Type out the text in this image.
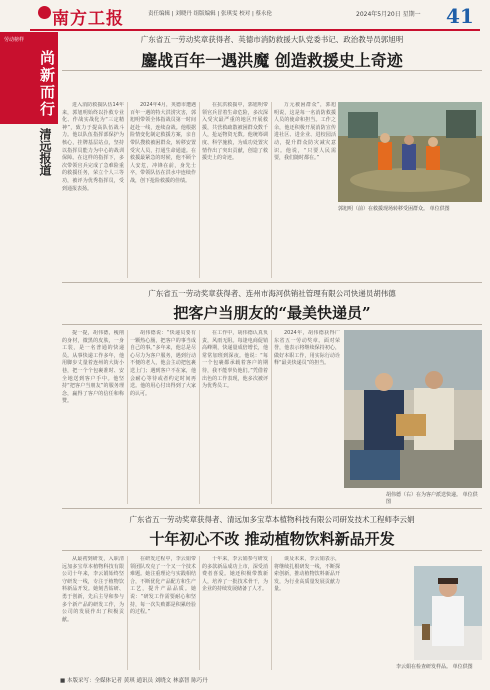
南方工报	责任编辑 | 刘晓丹 组版编辑 | 张琪雯 校对 | 蔡永伦	2024年5月20日 星期一 41
劳动榜样
尚新而行
清远报道
广东省五一劳动奖章获得者、英德市消防救援大队党委书记、政治教导员郭旭明
鏖战百年一遇洪魔 创造救援史上奇迹

进入消防救援队伍14年来，郭旭明始终以扑救专业化、作战实战化为“三定精神”，致力于提高队伍战斗力。他以队伍指挥部保护为核心，挂牌基层站点，坚持以指挥员能力为中心的战训保障。在这样的指挥下，多次带领官兵完成了急难险重的救援任务，荣立个人三等功，被评为优秀指挥员，受到通报表扬。

2024年4月，英德市遭遇百年一遇的特大洪涝灾害，郭旭明带领全体指战员第一时间赶赴一线，连续奋战。他根据险情变化制定救援方案，亲自带队搜救被困群众，转移安置受灾人员，打通生命通道。在救援最紧急的时候，他不顾个人安危，冲锋在前，身先士卒，带领队伍在洪水中连续作战，创下抢险救援的佳绩。

在抗洪救援中，郭旭明带领官兵冒着生命危险，多次深入受灾最严重的地区开展救援，共营救疏散被困群众数千人，抢运物资无数。他统筹调度、科学施救，为成功处置灾情作出了突出贡献，创造了救援史上的奇迹。

万元被困群众”，郭旭明说，这是每一名消防救援人员的使命和担当。工作之余，他还积极开展消防宣传进社区、进企业、进校园活动，提升群众防灾减灾意识。他说，“只要人民需要，我们随时都在。”

郭旭明（前）在救援现场转移受困群众。 单位供图
广东省五一劳动奖章获得者、连州市海河供销社管理有限公司快递员胡伟德
把客户当朋友的“最美快递员”

提一提，胡伟德，瘦削的身材，微黑的皮肤，一身工装，是一名普通的快递员。从事快递工作多年，他用脚步丈量着连州的大街小巷，把一个个包裹准时、安全地送到客户手中。他坚持“把客户当朋友”的服务理念，赢得了客户的信任和称赞。

胡伟德说：“快递员要有一颗热心肠，把客户的事当成自己的事。”多年来，他总是尽心尽力为客户服务，遇到行动不便的老人，他会主动把包裹送上门；遇到客户不在家，他会耐心等待或者约定时间再送。他的用心付出得到了大家的认可。

在工作中，胡伟德认真负责，风雨无阻。每逢电商促销高峰期，快递量成倍增长，他常常加班到深夜。他说：“每一个包裹都承载着客户的期待，我不能辜负他们。”凭借着出色的工作表现，他多次被评为优秀员工。

2024年，胡伟德获得广东省五一劳动奖章。面对荣誉，他表示将继续保持初心，做好本职工作，用实际行动诠释“最美快递员”的担当。

胡伟德（右）在为客户派送快递。 单位供图
广东省五一劳动奖章获得者、清远加多宝草本植物科技有限公司研发技术工程师李云娟
十年初心不改 推动植物饮料新品开发

从最初到研发，入职清远加多宝草本植物科技有限公司十年来，李云娟始终坚守研发一线，专注于植物饮料新品开发。她刻苦钻研、勇于创新，先后主导和参与多个新产品的研发工作，为公司的发展作出了积极贡献。

在研发过程中，李云娟带领团队攻克了一个又一个技术难题。她注重理论与实践相结合，不断优化产品配方和生产工艺，提升产品品质。她说：“研发工作需要耐心和坚持，每一次失败都是积累经验的过程。”

十年来，李云娟参与研发的多款新品成功上市，深受消费者喜爱。她还积极带教新人，培养了一批技术骨干，为企业的持续发展储备了人才。

谈及未来，李云娟表示，将继续扎根研发一线，不断探索创新，推动植物饮料新品开发，为行业高质量发展贡献力量。

李云娟在检查研发样品。 单位供图
■ 本版采写：全媒体记者 黄琪 通讯员 刘晓文 林嘉智 陈巧丹
